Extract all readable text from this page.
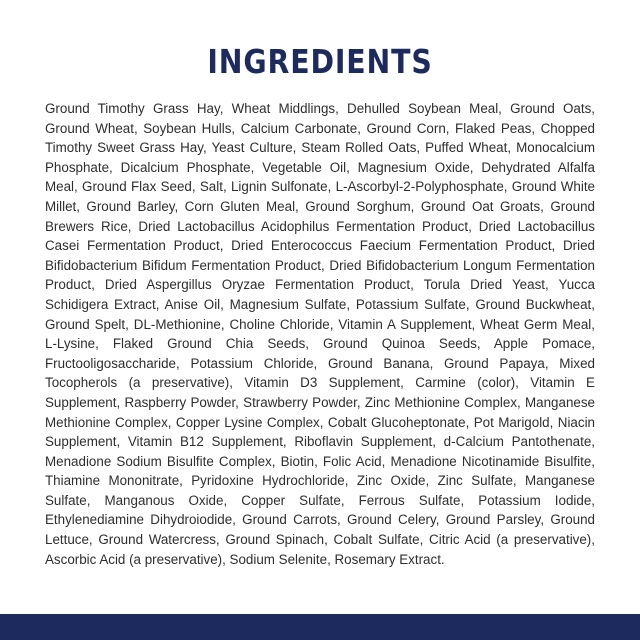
INGREDIENTS

Ground Timothy Grass Hay, Wheat Middlings, Dehulled Soybean Meal, Ground Oats, Ground Wheat, Soybean Hulls, Calcium Carbonate, Ground Corn, Flaked Peas, Chopped Timothy Sweet Grass Hay, Yeast Culture, Steam Rolled Oats, Puffed Wheat, Monocalcium Phosphate, Dicalcium Phosphate, Vegetable Oil, Magnesium Oxide, Dehydrated Alfalfa Meal, Ground Flax Seed, Salt, Lignin Sulfonate, L-Ascorbyl-2-Polyphosphate, Ground White Millet, Ground Barley, Corn Gluten Meal, Ground Sorghum, Ground Oat Groats, Ground Brewers Rice, Dried Lactobacillus Acidophilus Fermentation Product, Dried Lactobacillus Casei Fermentation Product, Dried Enterococcus Faecium Fermentation Product, Dried Bifidobacterium Bifidum Fermentation Product, Dried Bifidobacterium Longum Fermentation Product, Dried Aspergillus Oryzae Fermentation Product, Torula Dried Yeast, Yucca Schidigera Extract, Anise Oil, Magnesium Sulfate, Potassium Sulfate, Ground Buckwheat, Ground Spelt, DL-Methionine, Choline Chloride, Vitamin A Supplement, Wheat Germ Meal, L-Lysine, Flaked Ground Chia Seeds, Ground Quinoa Seeds, Apple Pomace, Fructooligosaccharide, Potassium Chloride, Ground Banana, Ground Papaya, Mixed Tocopherols (a preservative), Vitamin D3 Supplement, Carmine (color), Vitamin E Supplement, Raspberry Powder, Strawberry Powder, Zinc Methionine Complex, Manganese Methionine Complex, Copper Lysine Complex, Cobalt Glucoheptonate, Pot Marigold, Niacin Supplement, Vitamin B12 Supplement, Riboflavin Supplement, d-Calcium Pantothenate, Menadione Sodium Bisulfite Complex, Biotin, Folic Acid, Menadione Nicotinamide Bisulfite, Thiamine Mononitrate, Pyridoxine Hydrochloride, Zinc Oxide, Zinc Sulfate, Manganese Sulfate, Manganous Oxide, Copper Sulfate, Ferrous Sulfate, Potassium Iodide, Ethylenediamine Dihydroiodide, Ground Carrots, Ground Celery, Ground Parsley, Ground Lettuce, Ground Watercress, Ground Spinach, Cobalt Sulfate, Citric Acid (a preservative), Ascorbic Acid (a preservative), Sodium Selenite, Rosemary Extract.
